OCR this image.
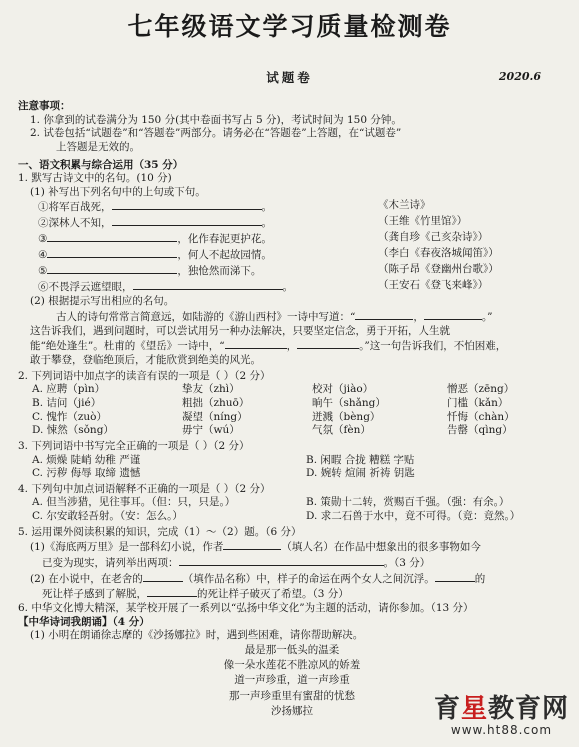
七年级语文学习质量检测卷
试题卷	2020.6
注意事项：
1. 你拿到的试卷满分为 150 分(其中卷面书写占 5 分)，考试时间为 150 分钟。
2. 试卷包括“试题卷”和“答题卷”两部分。请务必在“答题卷”上答题，在“试题卷”
上答题是无效的。
一、语文积累与综合运用（35 分）
1. 默写古诗文中的名句。(10 分)
(1) 补写出下列名句中的上句或下句。
①将军百战死，	。	《木兰诗》
②深林人不知，	。	（王维《竹里馆》）
③	，化作春泥更护花。	（龚自珍《己亥杂诗》）
④	，何人不起故园情。	（李白《春夜洛城闻笛》）
⑤	，独怆然而涕下。	（陈子昂《登幽州台歌》）
⑥不畏浮云遮望眼，	。	（王安石《登飞来峰》）
(2) 根据提示写出相应的名句。
古人的诗句常常言简意远，如陆游的《游山西村》一诗中写道：“	，	。”
这告诉我们，遇到问题时，可以尝试用另一种办法解决，只要坚定信念，勇于开拓，人生就
能“绝处逢生”。杜甫的《望岳》一诗中，“	，	。”这一句告诉我们，不怕困难，
敢于攀登，登临绝顶后，才能欣赏到绝美的风光。
2. 下列词语中加点字的读音有误的一项是（ ）（2 分）
A. 应聘（pìn）	挚友（zhì）	校对（jiào）	憎恶（zēng）
B. 诘问（jié）	粗拙（zhuō）	晌午（shǎng）	门槛（kǎn）
C. 愧怍（zuò）	凝望（níng）	迸溅（bèng）	忏悔（chàn）
D. 悚然（sǒng）	毋宁（wú）	气氛（fèn）	告罄（qìng）
3. 下列词语中书写完全正确的一项是（ ）（2 分）
A. 烦燥 陡峭 幼稚 严谨	B. 闲暇 合拢 糟糕 字贴
C. 污秽 侮辱 取缔 遗憾	D. 婉转 煊闹 祈祷 钥匙
4. 下列句中加点词语解释不正确的一项是（ ）（2 分）
A. 但当涉猎，见往事耳。（但：只，只是。）	B. 策勋十二转，赏赐百千强。（强：有余。）
C. 尔安敢轻吾射。（安：怎么。）	D. 求二石兽于水中，竟不可得。（竟：竟然。）
5. 运用课外阅读积累的知识，完成（1）～（2）题。（6 分）
(1)《海底两万里》是一部科幻小说，作者	（填人名）在作品中想象出的很多事物如今
已变为现实，请列举出两项：	。（3 分）
(2) 在小说中，在老舍的	（填作品名称）中，样子的命运在两个女人之间沉浮。	的
死让样子感到了解脱，	的死让样子破灭了希望。（3 分）
6. 中华文化博大精深，某学校开展了一系列以“弘扬中华文化”为主题的活动，请你参加。（13 分）
【中华诗词我朗诵】（4 分）
(1) 小明在朗诵徐志摩的《沙扬娜拉》时，遇到些困难，请你帮助解决。
最是那一低头的温柔
像一朵水莲花不胜凉风的娇羞
道一声珍重，道一声珍重
那一声珍重里有蜜甜的忧愁
沙扬娜拉	育星教育网
www.ht88.com
